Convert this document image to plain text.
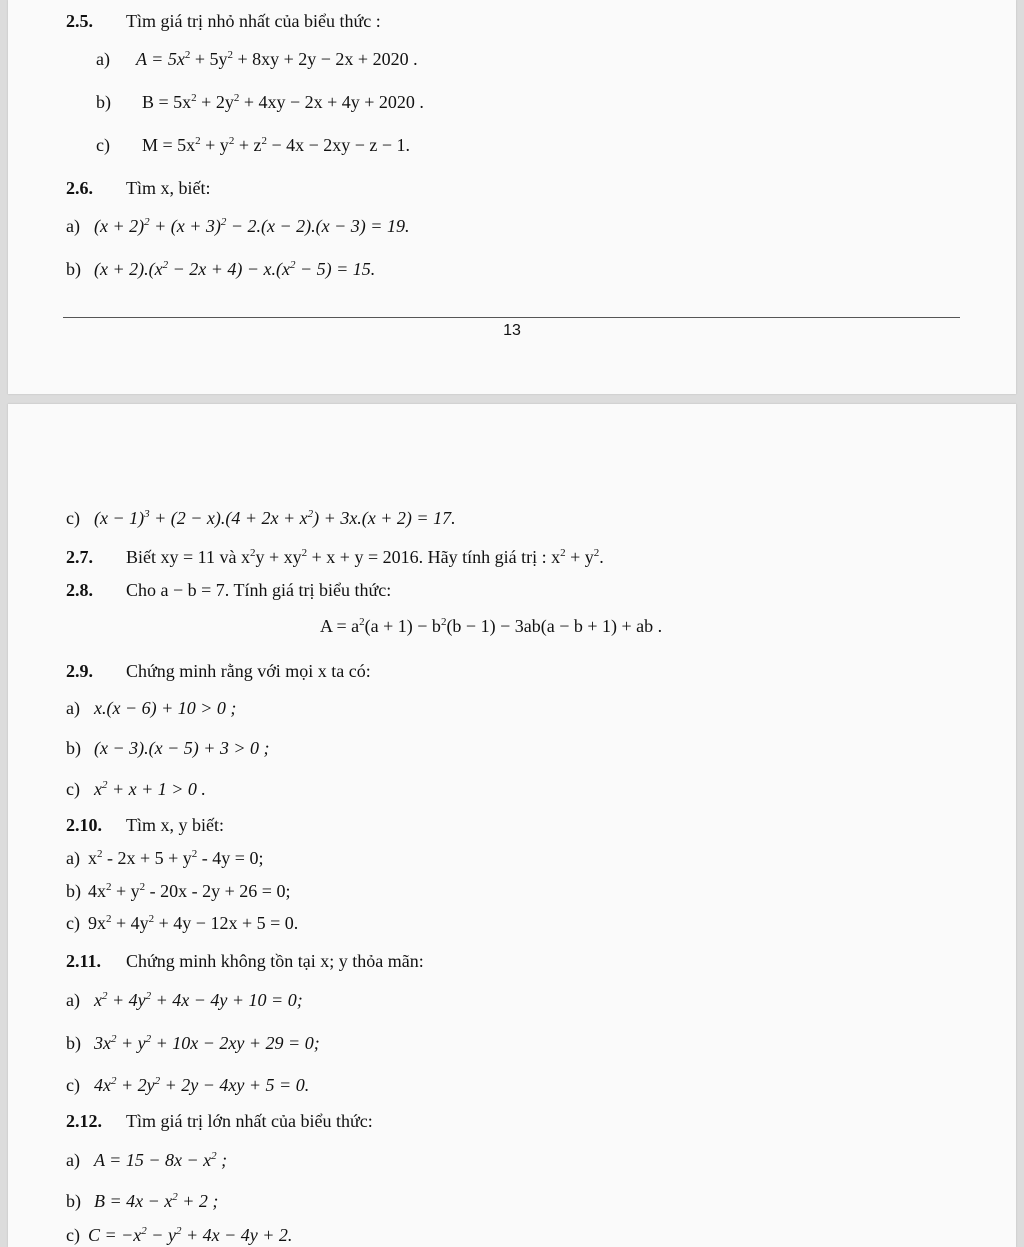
2.5. Tìm giá trị nhỏ nhất của biểu thức :
a) $A = 5x^2 + 5y^2 + 8xy + 2y - 2x + 2020$ .
b) $B = 5x^2 + 2y^2 + 4xy - 2x + 4y + 2020$ .
c) $M = 5x^2 + y^2 + z^2 - 4x - 2xy - z - 1$.
2.6. Tìm x, biết:
a) $(x + 2)^2 + (x + 3)^2 - 2.(x - 2).(x - 3) = 19$.
b) $(x + 2).(x^2 - 2x + 4) - x.(x^2 - 5) = 15$.
13
c) $(x - 1)^3 + (2 - x).(4 + 2x + x^2) + 3x.(x + 2) = 17$.
2.7. Biết xy = 11 và $x^2y + xy^2 + x + y = 2016$. Hãy tính giá trị : $x^2 + y^2$.
2.8. Cho a − b = 7. Tính giá trị biểu thức:
$A = a^2(a + 1) - b^2(b - 1) - 3ab(a - b + 1)$ + ab .
2.9. Chứng minh rằng với mọi x ta có:
a) x.(x − 6) + 10 > 0 ;
b) (x − 3).(x − 5) + 3 > 0 ;
c) $x^2 + x + 1 > 0$ .
2.10. Tìm x, y biết:
a) $x^2 - 2x + 5 + y^2 - 4y = 0$;
b) $4x^2 + y^2 - 20x - 2y + 26 = 0$;
c) $9x^2 + 4y^2 + 4y - 12x + 5 = 0$.
2.11. Chứng minh không tồn tại x; y thỏa mãn:
a) $x^2 + 4y^2 + 4x - 4y + 10 = 0$;
b) $3x^2 + y^2 + 10x - 2xy + 29 = 0$;
c) $4x^2 + 2y^2 + 2y - 4xy + 5 = 0$.
2.12. Tìm giá trị lớn nhất của biểu thức:
a) $A = 15 - 8x - x^2$ ;
b) $B = 4x - x^2 + 2$ ;
c) $C = -x^2 - y^2 + 4x - 4y + 2$.
